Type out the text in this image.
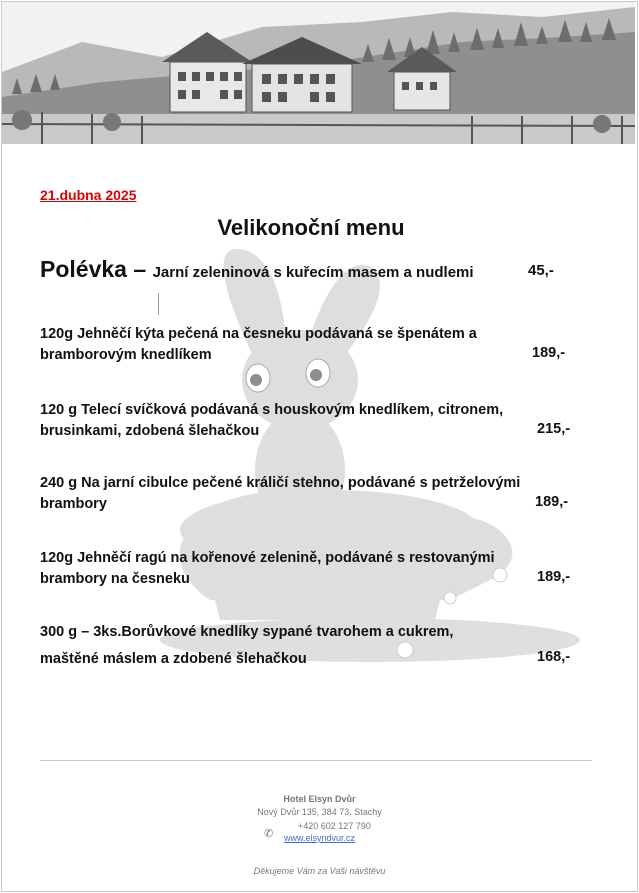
21.dubna 2025
Velikonoční menu
Polévka – Jarní zeleninová s kuřecím masem a nudlemi	45,-
120g Jehněčí kýta pečená na česneku podávaná se špenátem a
bramborovým knedlíkem	189,-
120 g Telecí svíčková podávaná s houskovým knedlíkem, citronem,
brusinkami, zdobená šlehačkou	215,-
240 g Na jarní cibulce pečené králičí stehno, podávané s petrželovými
brambory	189,-
120g Jehněčí ragú na kořenové zelenině, podávané s restovanými
brambory na česneku	189,-
300 g – 3ks.Borůvkové knedlíky sypané tvarohem a cukrem,
maštěné máslem a zdobené šlehačkou	168,-
Hotel Elsyn Dvůr
Nový Dvůr 135, 384 73, Stachy
www.elsyndvur.cz
Děkujeme Vám za Vaši návštěvu
✆
+420 602 127 790
